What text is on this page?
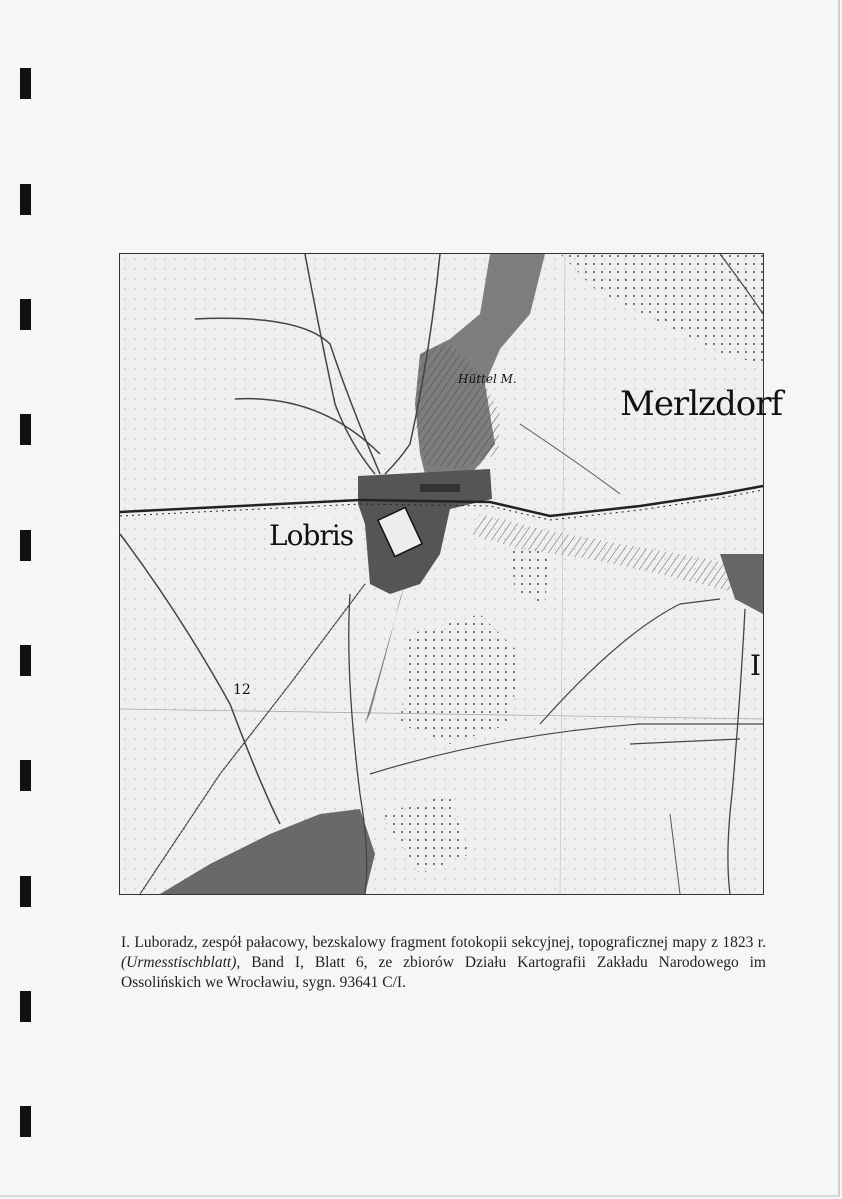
Merlzdorf
Lobris
Hüttel M.
12
I
I. Luboradz, zespół pałacowy, bezskalowy fragment fotokopii sekcyjnej, topograficznej mapy z 1823 r. (Urmesstischblatt), Band I, Blatt 6, ze zbiorów Działu Kartografii Zakładu Narodowego im Ossolińskich we Wrocławiu, sygn. 93641 C/I.
